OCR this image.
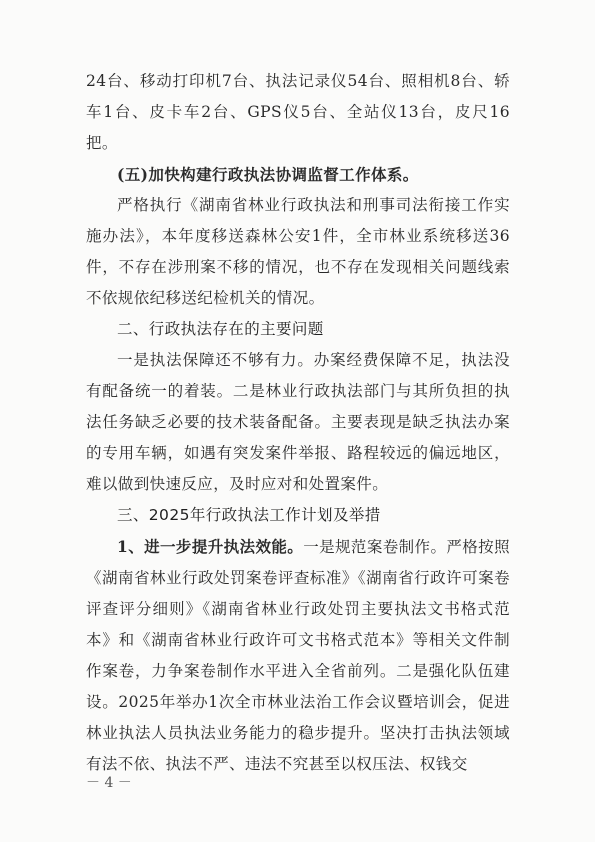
24台、移动打印机7台、执法记录仪54台、照相机8台、轿车1台、皮卡车2台、GPS仪5台、全站仪13台，皮尺16把。

(五)加快构建行政执法协调监督工作体系。

严格执行《湖南省林业行政执法和刑事司法衔接工作实施办法》，本年度移送森林公安1件，全市林业系统移送36件，不存在涉刑案不移的情况，也不存在发现相关问题线索不依规依纪移送纪检机关的情况。

二、行政执法存在的主要问题

一是执法保障还不够有力。办案经费保障不足，执法没有配备统一的着装。二是林业行政执法部门与其所负担的执法任务缺乏必要的技术装备配备。主要表现是缺乏执法办案的专用车辆，如遇有突发案件举报、路程较远的偏远地区，难以做到快速反应，及时应对和处置案件。

三、2025年行政执法工作计划及举措

1、进一步提升执法效能。一是规范案卷制作。严格按照《湖南省林业行政处罚案卷评查标准》《湖南省行政许可案卷评查评分细则》《湖南省林业行政处罚主要执法文书格式范本》和《湖南省林业行政许可文书格式范本》等相关文件制作案卷，力争案卷制作水平进入全省前列。二是强化队伍建设。2025年举办1次全市林业法治工作会议暨培训会，促进林业执法人员执法业务能力的稳步提升。坚决打击执法领域有法不依、执法不严、违法不究甚至以权压法、权钱交

－ 4 －
